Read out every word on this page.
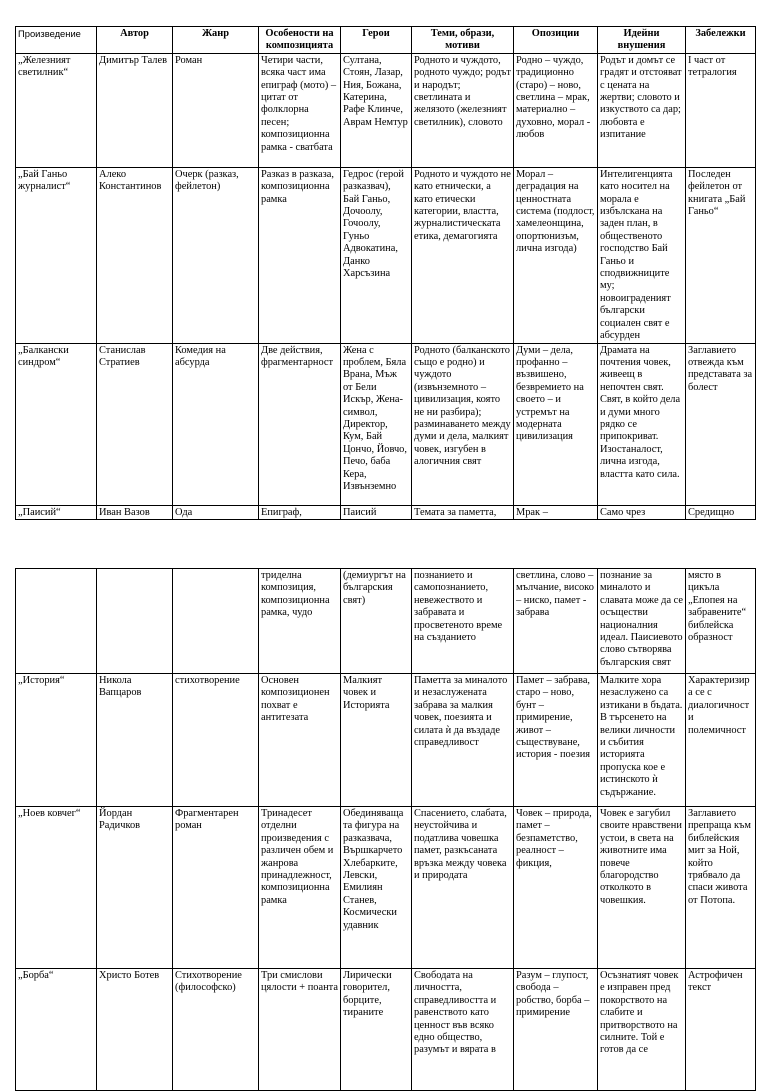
Произведение	Автор	Жанр	Особености на композицията	Герои	Теми, образи, мотиви	Опозиции	Идейни внушения	Забележки
„Железният светилник“	Димитър Талев	Роман	Четири части, всяка част има епиграф (мото) – цитат от фолклорна песен; композиционна рамка - сватбата	Султана, Стоян, Лазар, Ния, Божана, Катерина, Рафе Клинче, Аврам Немтур	Родното и чуждото, родното чуждо; родът и народът; светлината и желязото (железният светилник), словото	Родно – чуждо, традиционно (старо) – ново, светлина – мрак, материално – духовно, морал - любов	Родът и домът се градят и отстояват с цената на жертви; словото и изкуството са дар; любовта е изпитание	I част от тетралогия
„Бай Ганьо журналист“	Алеко Константинов	Очерк (разказ, фейлетон)	Разказ в разказа, композиционна рамка	Гедрос (герой разказвач), Бай Ганьо, Дочоолу, Гочоолу, Гуньо Адвокатина, Данко Харсъзина	Родното и чуждото не като етнически, а като етически категории, властта, журналистическата етика, демагогията	Морал – деградация на ценностната система (подлост, хамелеонщина, опортюнизъм, лична изгода)	Интелигенцията като носител на морала е избълскана на заден план, в общественото господство Бай Ганьо и сподвижниците му; новоиграденият български социален свят е абсурден	Последен фейлетон от книгата „Бай Ганьо“
„Балкански синдром“	Станислав Стратиев	Комедия на абсурда	Две действия, фрагментарност	Жена с проблем, Бяла Врана, Мъж от Бели Искър, Жена-символ, Директор, Кум, Бай Цончо, Йовчо, Печо, баба Кера, Извънземно	Родното (балканското също е родно) и чуждото (извънземното – цивилизация, която не ни разбира); разминаването между думи и дела, малкият човек, изгубен в алогичния свят	Думи – дела, профанно – възвишено, безвремието на своето – и устремът на модерната цивилизация	Драмата на почтения човек, живеещ в непочтен свят. Свят, в който дела и думи много рядко се припокриват. Изостаналост, лична изгода, властта като сила.	Заглавието отвежда към представата за болест
„Паисий“	Иван Вазов	Ода	Епиграф,	Паисий	Темата за паметта,	Мрак –	Само чрез	Средищно
			триделна композиция, композиционна рамка, чудо	(демиургът на българския свят)	познанието и самопознанието, невежеството и забравата и просветеното време на създанието	светлина, слово – мълчание, високо – ниско, памет - забрава	познание за миналото и славата може да се осъществи националния идеал. Паисиевото слово сътворява българския свят	място в цикъла „Епопея на забравените“ библейска образност
„История“	Никола Вапцаров	стихотворение	Основен композиционен похват е антитезата	Малкият човек и Историята	Паметта за миналото и незаслужената забрава за малкия човек, поезията и силата ѝ да въздаде справедливост	Памет – забрава, старо – ново, бунт – примирение, живот – съществуване, история - поезия	Малките хора незаслужено са изтикани в бъдата. В търсенето на велики личности и събития историята пропуска кое е истинското ѝ съдържание.	Характеризир а се с диалогичност и полемичност
„Ноев ковчег“	Йордан Радичков	Фрагментарен роман	Тринадесет отделни произведения с различен обем и жанрова принадлежност, композиционна рамка	Обединяваща та фигура на разказвача, Вършкарчето Хлебарките, Левски, Емилиян Станев, Космически удавник	Спасението, слабата, неустойчива и податлива човешка памет, разкъсаната връзка между човека и природата	Човек – природа, памет – безпаметство, реалност – фикция,	Човек е загубил своите нравствени устои, в света на животните има повече благородство отколкото в човешкия.	Заглавието препраща към библейския мит за Ной, който трябвало да спаси живота от Потопа.
„Борба“	Христо Ботев	Стихотворение (философско)	Три смислови цялости + поанта	Лирически говорител, борците, тираните	Свободата на личността, справедливостта и равенството като ценност във всяко едно общество, разумът и вярата в	Разум – глупост, свобода – робство, борба – примирение	Осъзнатият човек е изправен пред покорството на слабите и притворството на силните. Той е готов да се	Астрофичен текст
